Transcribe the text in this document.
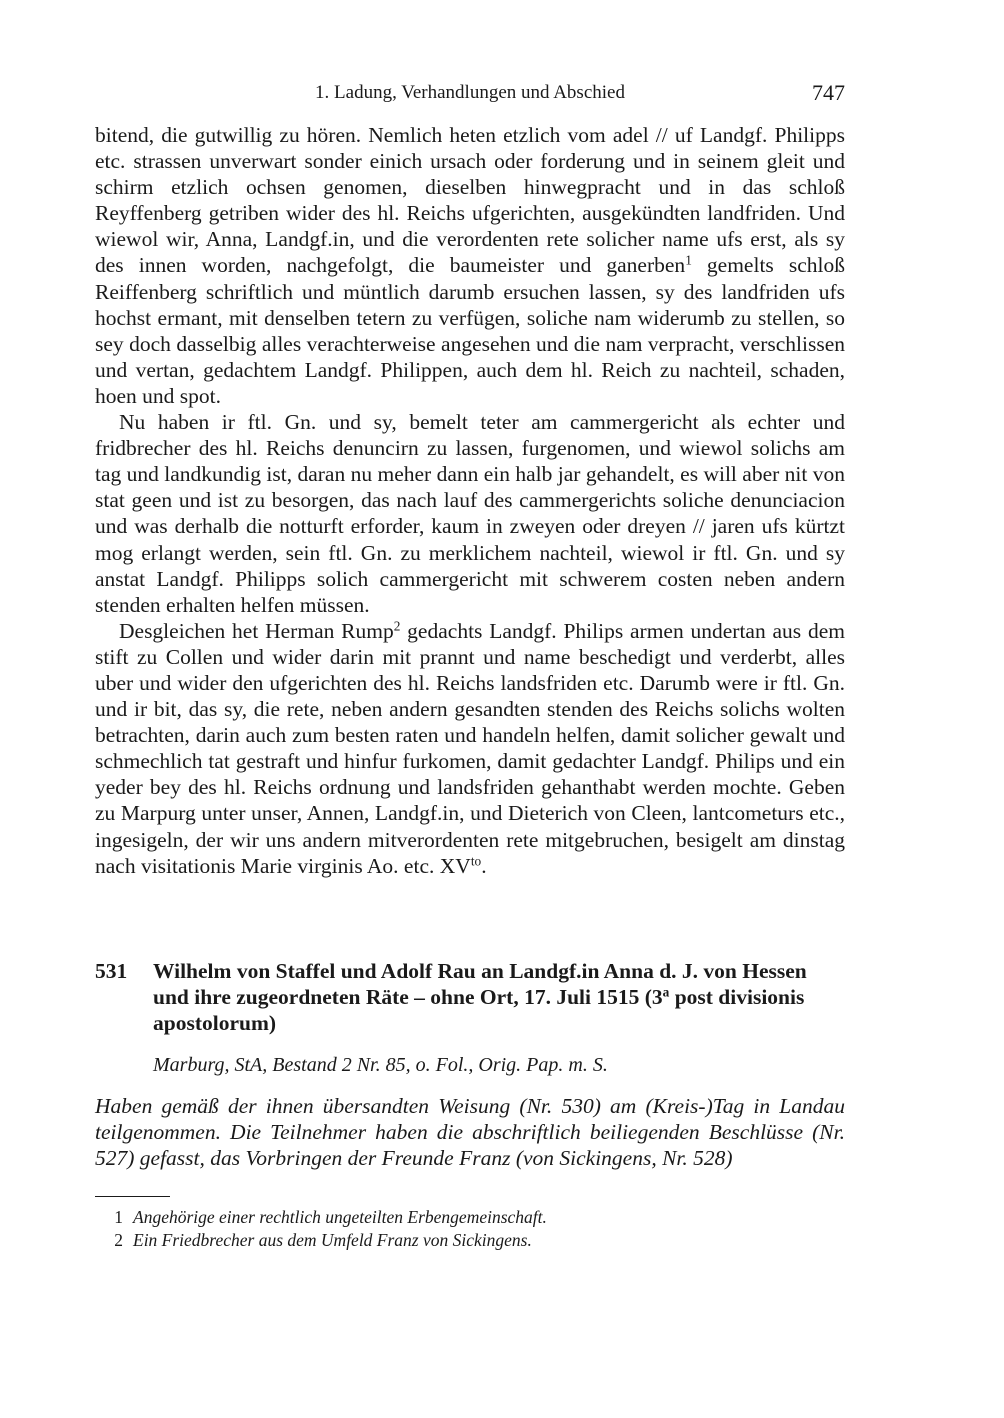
1. Ladung, Verhandlungen und Abschied	747

bitend, die gutwillig zu hören. Nemlich heten etzlich vom adel // uf Landgf. Philipps etc. strassen unverwart sonder einich ursach oder forderung und in seinem gleit und schirm etzlich ochsen genomen, dieselben hinwegpracht und in das schloß Reyffenberg getriben wider des hl. Reichs ufgerichten, ausgekündten landfriden. Und wiewol wir, Anna, Landgf.in, und die verordenten rete solicher name ufs erst, als sy des innen worden, nachgefolgt, die baumeister und ganerben$^1$ gemelts schloß Reiffenberg schriftlich und müntlich darumb ersuchen lassen, sy des landfriden ufs hochst ermant, mit denselben tetern zu verfügen, soliche nam widerumb zu stellen, so sey doch dasselbig alles verachterweise angesehen und die nam verpracht, verschlissen und vertan, gedachtem Landgf. Philippen, auch dem hl. Reich zu nachteil, schaden, hoen und spot.

Nu haben ir ftl. Gn. und sy, bemelt teter am cammergericht als echter und fridbrecher des hl. Reichs denuncirn zu lassen, furgenomen, und wiewol solichs am tag und landkundig ist, daran nu meher dann ein halb jar gehandelt, es will aber nit von stat geen und ist zu besorgen, das nach lauf des cammergerichts soliche denunciacion und was derhalb die notturft erforder, kaum in zweyen oder dreyen // jaren ufs kürtzt mog erlangt werden, sein ftl. Gn. zu merklichem nachteil, wiewol ir ftl. Gn. und sy anstat Landgf. Philipps solich cammergericht mit schwerem costen neben andern stenden erhalten helfen müssen.

Desgleichen het Herman Rump$^2$ gedachts Landgf. Philips armen undertan aus dem stift zu Collen und wider darin mit prannt und name beschedigt und verderbt, alles uber und wider den ufgerichten des hl. Reichs landsfriden etc. Darumb were ir ftl. Gn. und ir bit, das sy, die rete, neben andern gesandten stenden des Reichs solichs wolten betrachten, darin auch zum besten raten und handeln helfen, damit solicher gewalt und schmechlich tat gestraft und hinfur furkomen, damit gedachter Landgf. Philips und ein yeder bey des hl. Reichs ordnung und landsfriden gehanthabt werden mochte. Geben zu Marpurg unter unser, Annen, Landgf.in, und Dieterich von Cleen, lantcometurs etc., ingesigeln, der wir uns andern mitverordenten rete mitgebruchen, besigelt am dinstag nach visitationis Marie virginis Ao. etc. $XV^{to}$.

531 Wilhelm von Staffel und Adolf Rau an Landgf.in Anna d. J. von Hessen und ihre zugeordneten Räte – ohne Ort, 17. Juli 1515 (3$^a$ post divisionis apostolorum)
Marburg, StA, Bestand 2 Nr. 85, o. Fol., Orig. Pap. m. S.

Haben gemäß der ihnen übersandten Weisung (Nr. 530) am (Kreis-)Tag in Landau teilgenommen. Die Teilnehmer haben die abschriftlich beiliegenden Beschlüsse (Nr. 527) gefasst, das Vorbringen der Freunde Franz (von Sickingens, Nr. 528)

1 Angehörige einer rechtlich ungeteilten Erbengemeinschaft.

2 Ein Friedbrecher aus dem Umfeld Franz von Sickingens.
